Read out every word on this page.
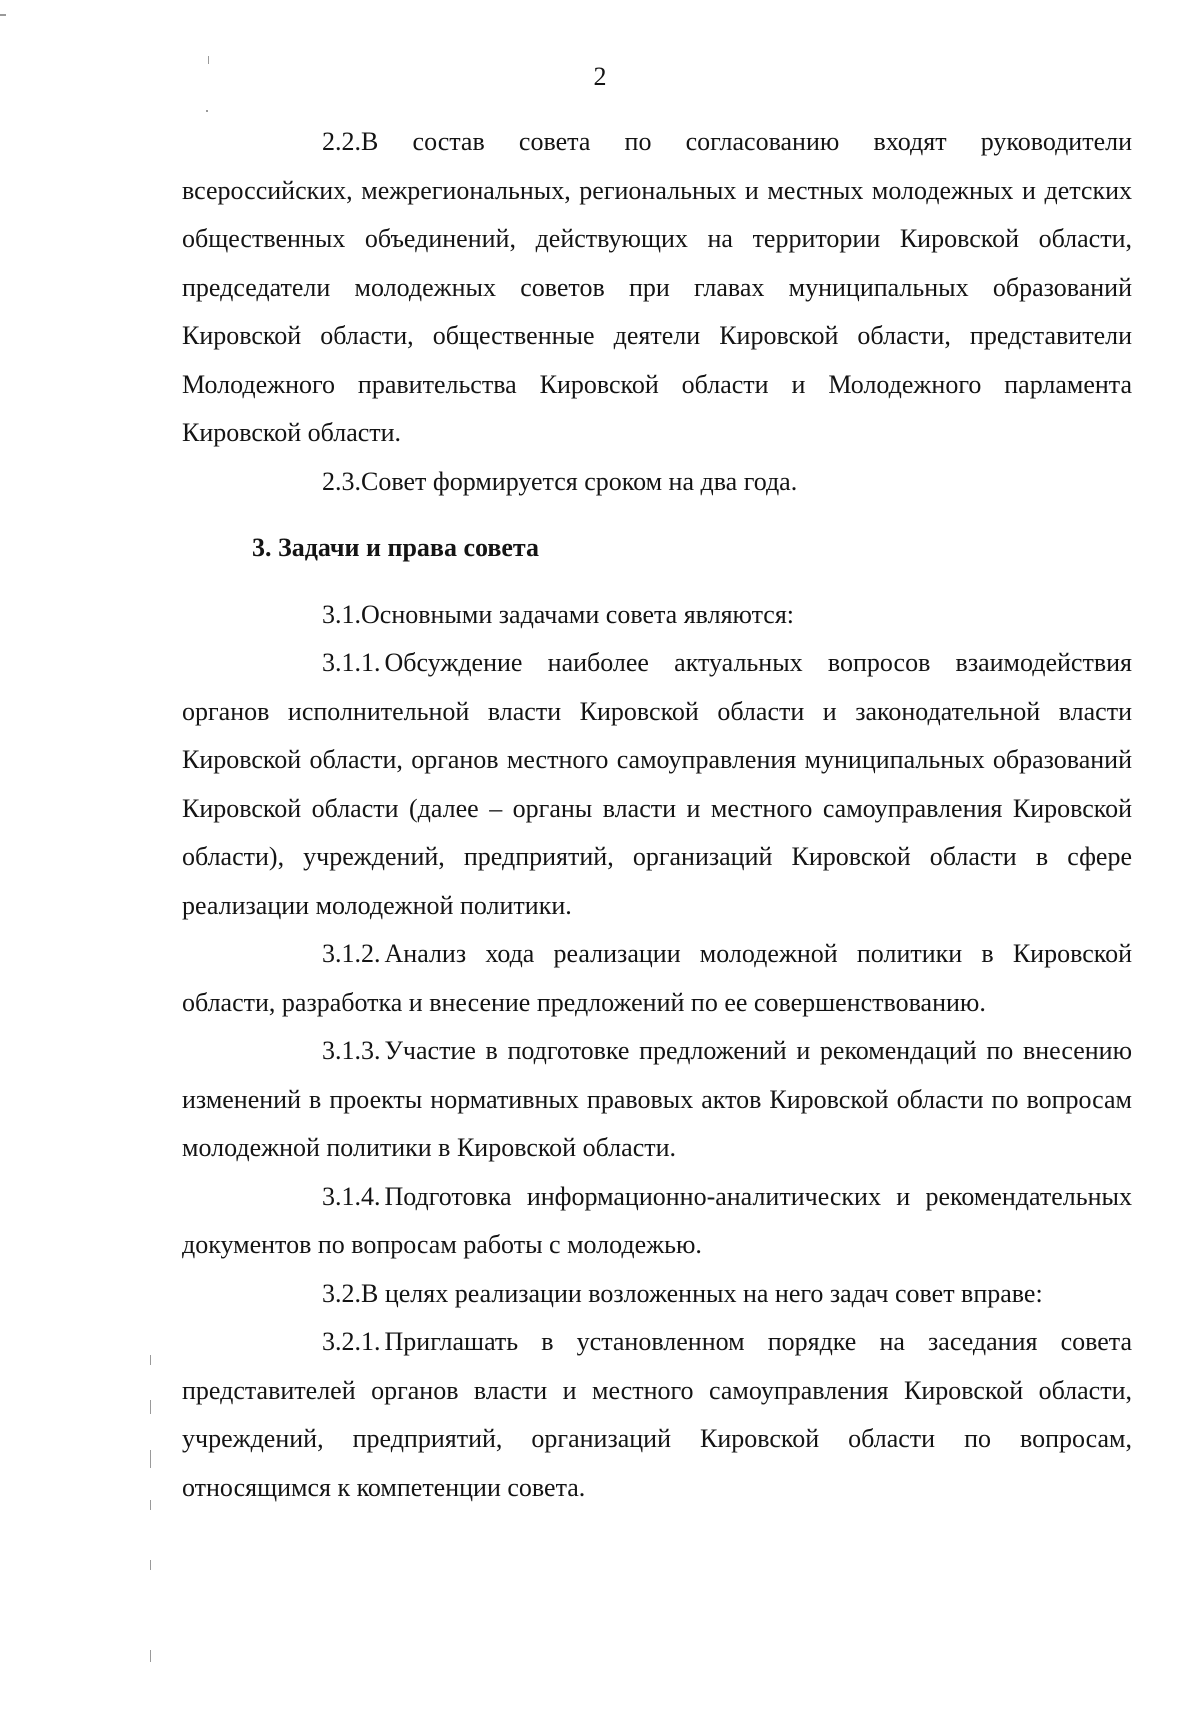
2

2.2.В состав совета по согласованию входят руководители всероссийских, межрегиональных, региональных и местных молодежных и детских общественных объединений, действующих на территории Кировской области, председатели молодежных советов при главах муниципальных образований Кировской области, общественные деятели Кировской области, представители Молодежного правительства Кировской области и Молодежного парламента Кировской области.

2.3.Совет формируется сроком на два года.

3. Задачи и права совета

3.1.Основными задачами совета являются:

3.1.1. Обсуждение наиболее актуальных вопросов взаимодействия органов исполнительной власти Кировской области и законодательной власти Кировской области, органов местного самоуправления муниципальных образований Кировской области (далее – органы власти и местного самоуправления Кировской области), учреждений, предприятий, организаций Кировской области в сфере реализации молодежной политики.

3.1.2. Анализ хода реализации молодежной политики в Кировской области, разработка и внесение предложений по ее совершенствованию.

3.1.3. Участие в подготовке предложений и рекомендаций по внесению изменений в проекты нормативных правовых актов Кировской области по вопросам молодежной политики в Кировской области.

3.1.4. Подготовка информационно-аналитических и рекомендательных документов по вопросам работы с молодежью.

3.2.В целях реализации возложенных на него задач совет вправе:

3.2.1. Приглашать в установленном порядке на заседания совета представителей органов власти и местного самоуправления Кировской области, учреждений, предприятий, организаций Кировской области по вопросам, относящимся к компетенции совета.
